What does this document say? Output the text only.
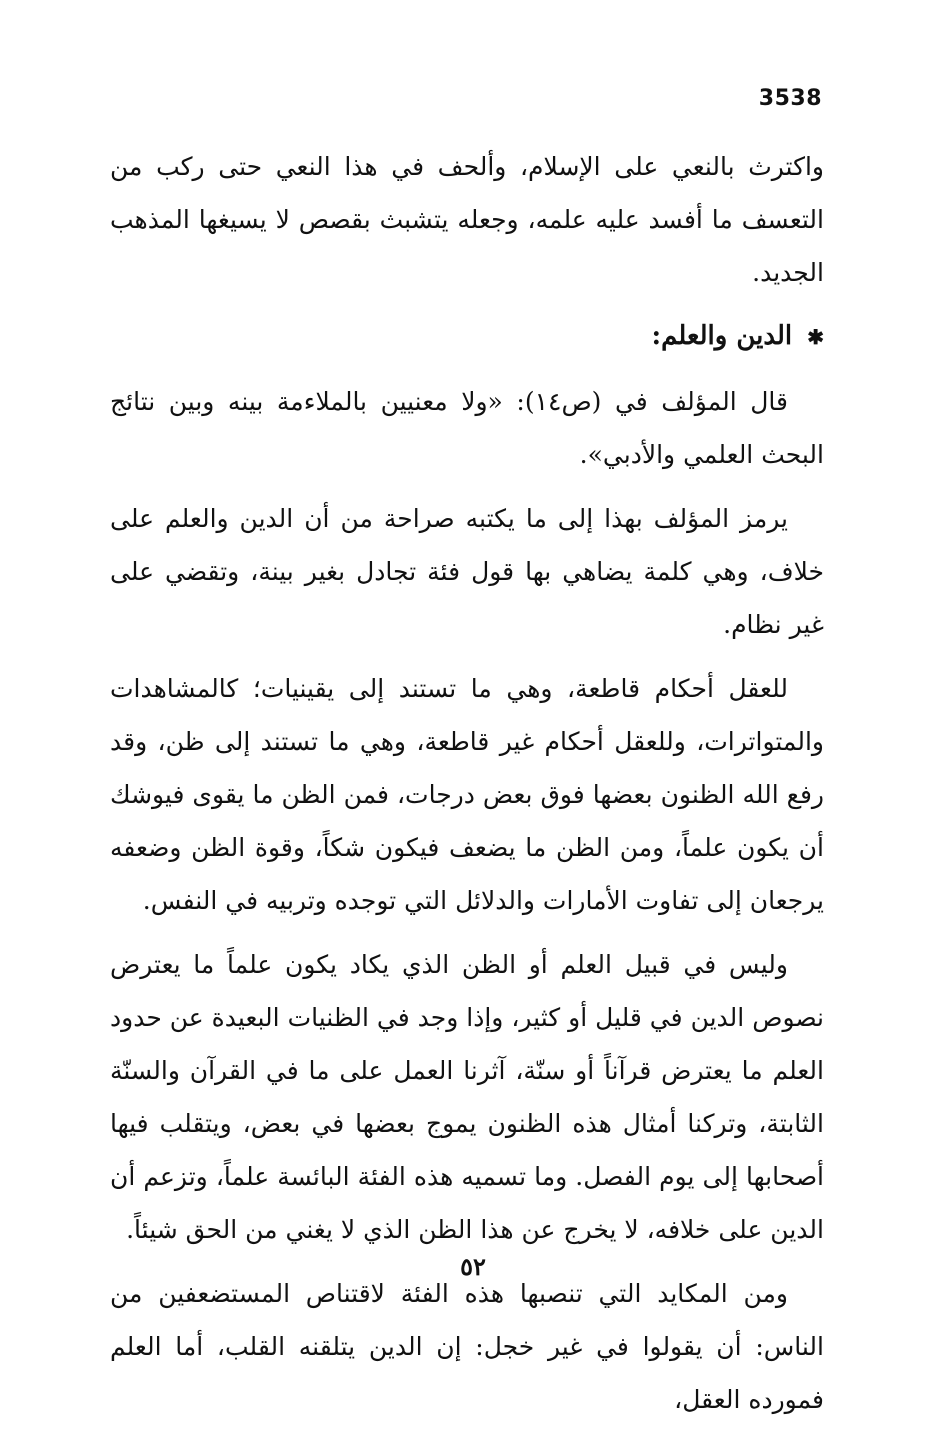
3538

واكترث بالنعي على الإسلام، وألحف في هذا النعي حتى ركب من التعسف ما أفسد عليه علمه، وجعله يتشبث بقصص لا يسيغها المذهب الجديد.

✱ الدين والعلم:

قال المؤلف في (ص١٤): «ولا معنيين بالملاءمة بينه وبين نتائج البحث العلمي والأدبي».

يرمز المؤلف بهذا إلى ما يكتبه صراحة من أن الدين والعلم على خلاف، وهي كلمة يضاهي بها قول فئة تجادل بغير بينة، وتقضي على غير نظام.

للعقل أحكام قاطعة، وهي ما تستند إلى يقينيات؛ كالمشاهدات والمتواترات، وللعقل أحكام غير قاطعة، وهي ما تستند إلى ظن، وقد رفع الله الظنون بعضها فوق بعض درجات، فمن الظن ما يقوى فيوشك أن يكون علماً، ومن الظن ما يضعف فيكون شكاً، وقوة الظن وضعفه يرجعان إلى تفاوت الأمارات والدلائل التي توجده وتربيه في النفس.

وليس في قبيل العلم أو الظن الذي يكاد يكون علماً ما يعترض نصوص الدين في قليل أو كثير، وإذا وجد في الظنيات البعيدة عن حدود العلم ما يعترض قرآناً أو سنّة، آثرنا العمل على ما في القرآن والسنّة الثابتة، وتركنا أمثال هذه الظنون يموج بعضها في بعض، ويتقلب فيها أصحابها إلى يوم الفصل. وما تسميه هذه الفئة البائسة علماً، وتزعم أن الدين على خلافه، لا يخرج عن هذا الظن الذي لا يغني من الحق شيئاً.

ومن المكايد التي تنصبها هذه الفئة لاقتناص المستضعفين من الناس: أن يقولوا في غير خجل: إن الدين يتلقنه القلب، أما العلم فمورده العقل،

٥٢
